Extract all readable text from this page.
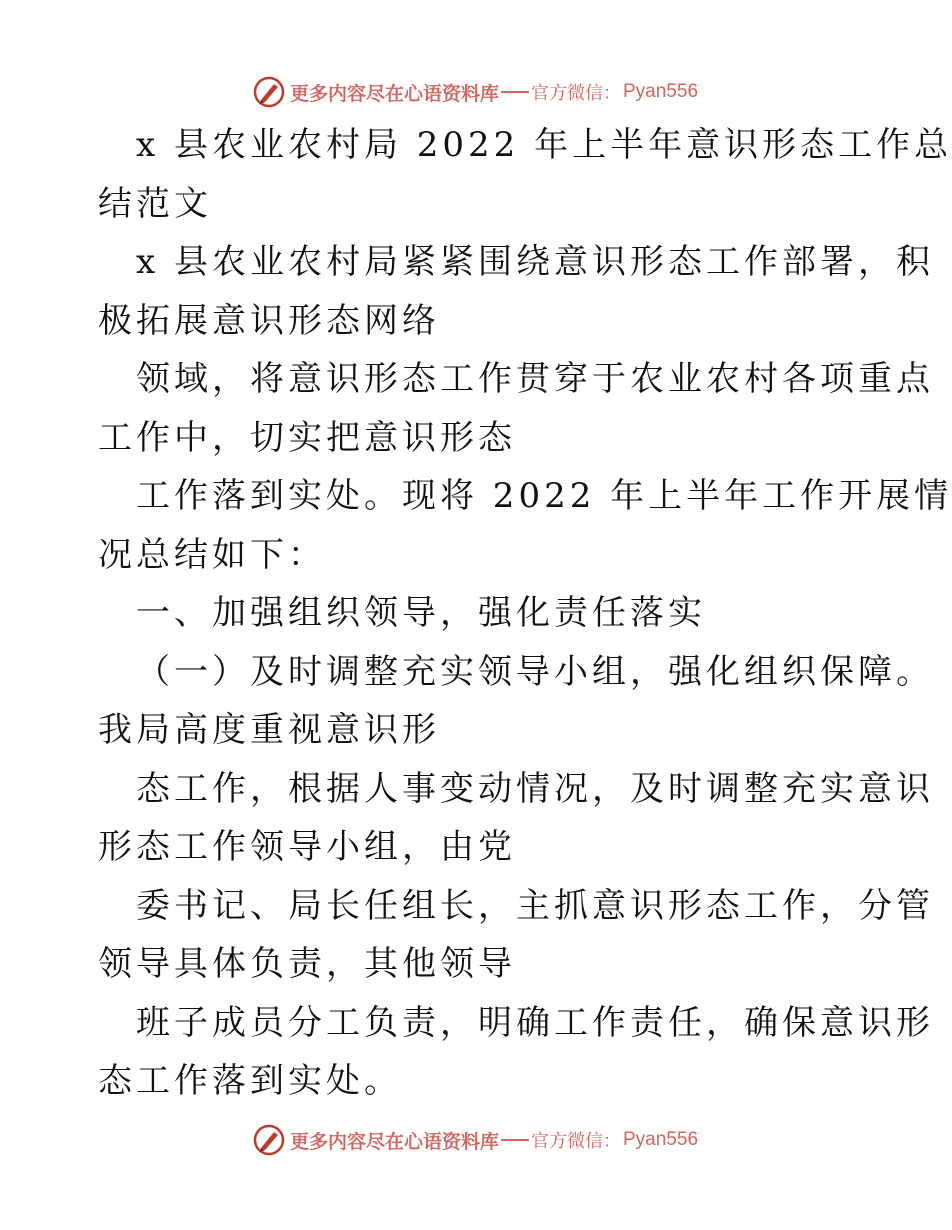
更多内容尽在心语资料库 官方微信： Pyan556
x 县农业农村局 2022 年上半年意识形态工作总
结范文
x 县农业农村局紧紧围绕意识形态工作部署，积
极拓展意识形态网络
领域，将意识形态工作贯穿于农业农村各项重点
工作中，切实把意识形态
工作落到实处。现将 2022 年上半年工作开展情
况总结如下：
一、加强组织领导，强化责任落实
（一）及时调整充实领导小组，强化组织保障。
我局高度重视意识形
态工作，根据人事变动情况，及时调整充实意识
形态工作领导小组，由党
委书记、局长任组长，主抓意识形态工作，分管
领导具体负责，其他领导
班子成员分工负责，明确工作责任，确保意识形
态工作落到实处。
更多内容尽在心语资料库 官方微信： Pyan556
